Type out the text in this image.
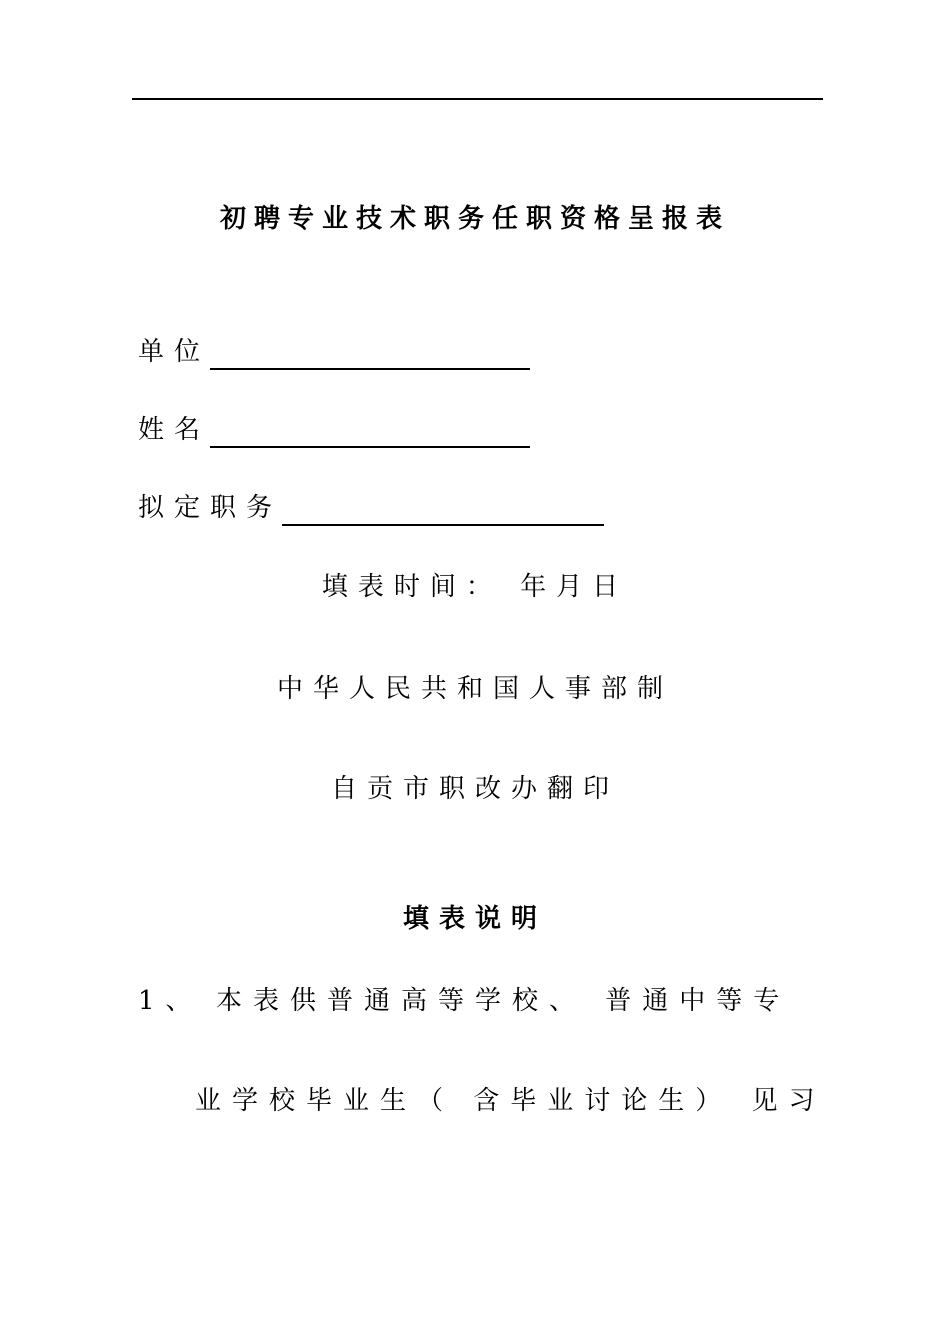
初聘专业技术职务任职资格呈报表
单位
姓名
拟定职务
填表时间： 年月日
中华人民共和国人事部制
自贡市职改办翻印
填表说明
1、 本表供普通高等学校、 普通中等专
业学校毕业生（ 含毕业讨论生） 见习
